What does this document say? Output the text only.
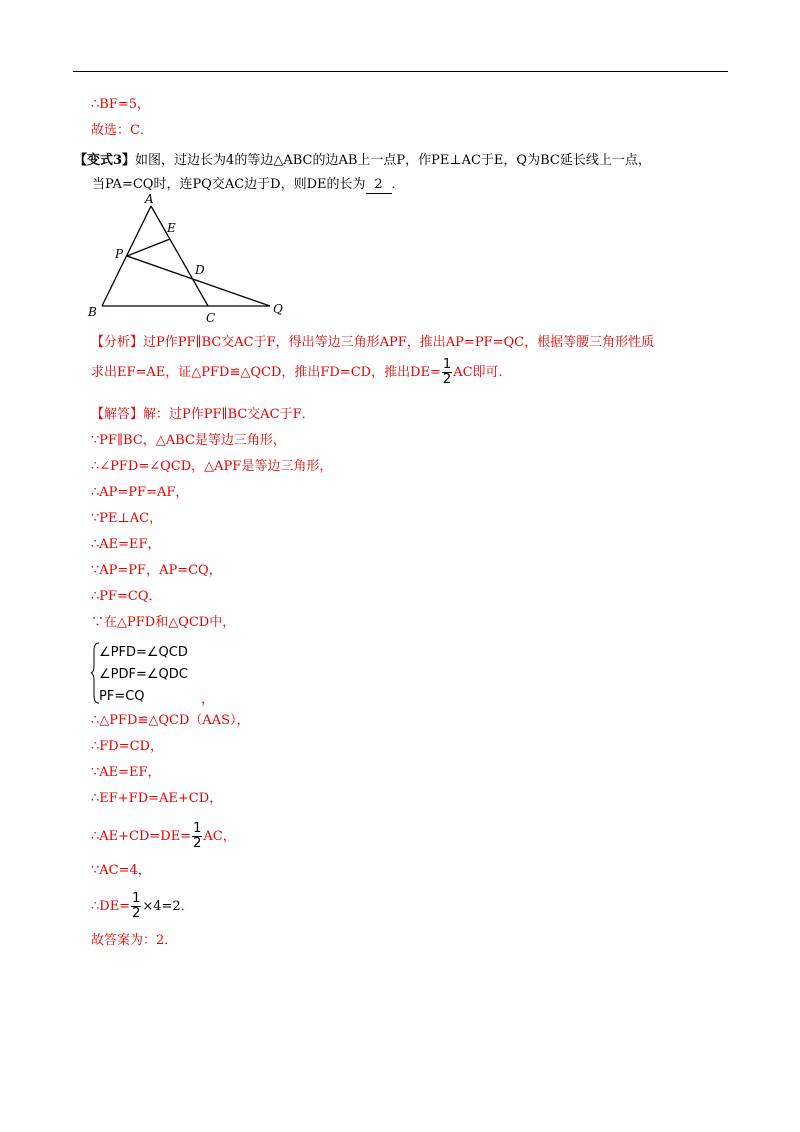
∴BF=5，
故选：C．
【变式3】如图，过边长为4的等边△ABC的边AB上一点P，作PE⊥AC于E，Q为BC延长线上一点，
当PA=CQ时，连PQ交AC边于D，则DE的长为 2 ．
A
E
P
D
B	C
Q
【分析】过P作PF∥BC交AC于F，得出等边三角形APF，推出AP=PF=QC，根据等腰三角形性质
求出EF=AE，证△PFD≌△QCD，推出FD=CD，推出$DE= \frac{1}{2}$ AC即可．
【解答】解：过P作PF∥BC交AC于F．
∵PF∥BC，△ABC是等边三角形，
∴∠PFD=∠QCD，△APF是等边三角形，
∴AP=PF=AF，
∵PE⊥AC，
∴AE=EF，
∵AP=PF，AP=CQ，
∴PF=CQ．
∵在△PFD和△QCD中，
∠PFD=∠QCD
∠PDF=∠QDC
PF=CQ	，
∴△PFD≌△QCD（AAS），
∴FD=CD，
∵AE=EF，
∴EF+FD=AE+CD，
∴AE+CD=DE= $\frac{1}{2}$ AC，
∵AC=4，
∴DE= $\frac{1}{2} \times 4=2$．
故答案为：2．
